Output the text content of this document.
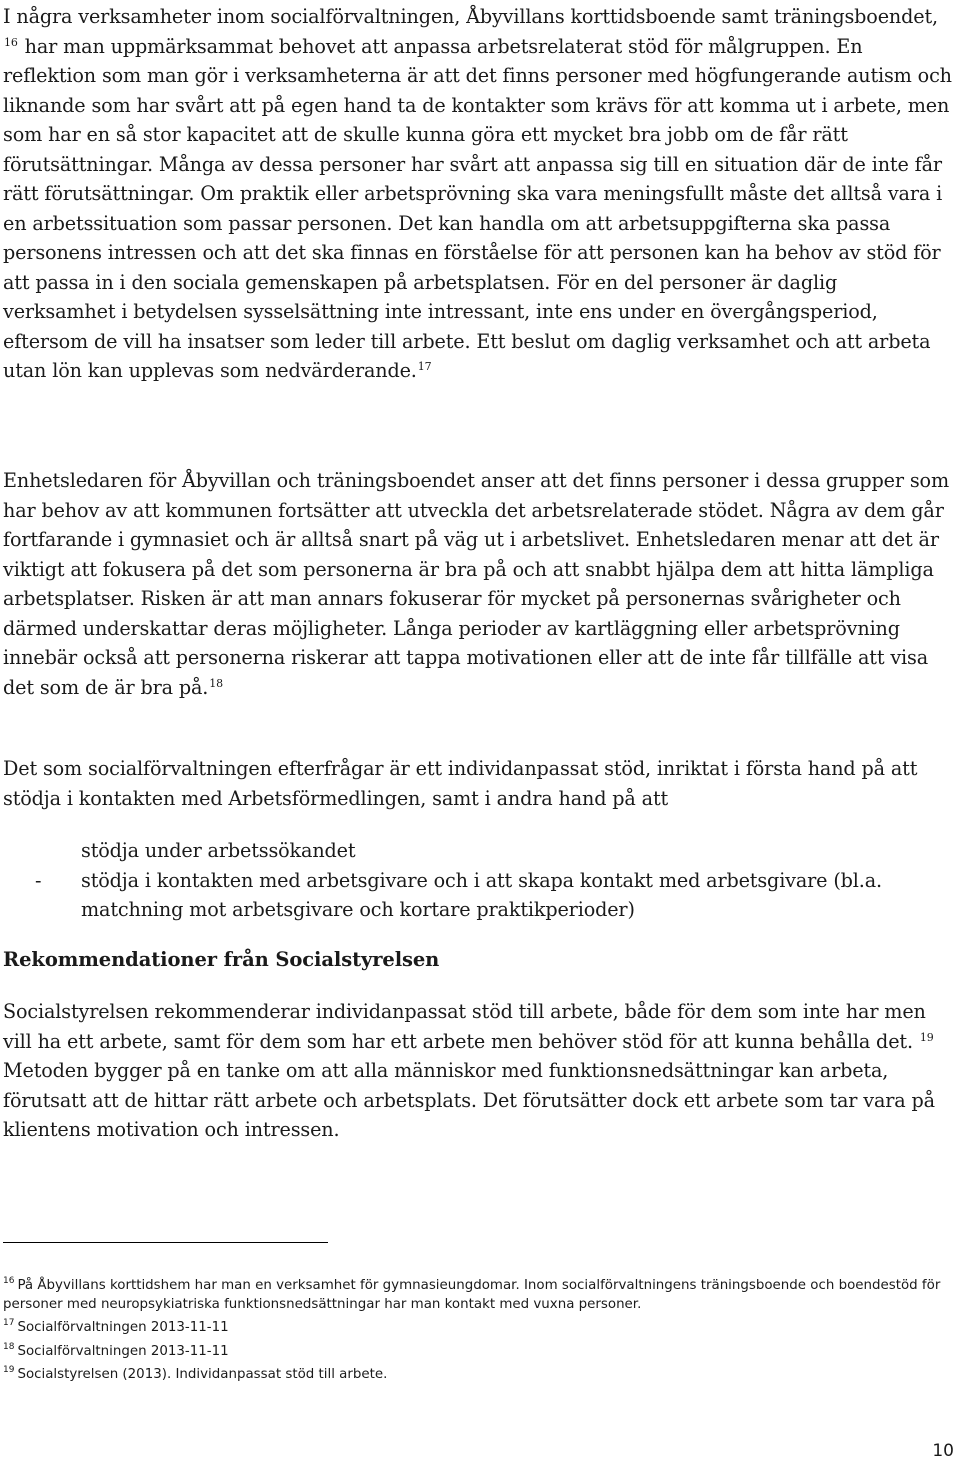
I några verksamheter inom socialförvaltningen, Åbyvillans korttidsboende samt träningsboendet, $^{16}$ har man uppmärksammat behovet att anpassa arbetsrelaterat stöd för målgruppen. En reflektion som man gör i verksamheterna är att det finns personer med högfungerande autism och liknande som har svårt att på egen hand ta de kontakter som krävs för att komma ut i arbete, men som har en så stor kapacitet att de skulle kunna göra ett mycket bra jobb om de får rätt förutsättningar. Många av dessa personer har svårt att anpassa sig till en situation där de inte får rätt förutsättningar. Om praktik eller arbetsprövning ska vara meningsfullt måste det alltså vara i en arbetssituation som passar personen. Det kan handla om att arbetsuppgifterna ska passa personens intressen och att det ska finnas en förståelse för att personen kan ha behov av stöd för att passa in i den sociala gemenskapen på arbetsplatsen. För en del personer är daglig verksamhet i betydelsen sysselsättning inte intressant, inte ens under en övergångsperiod, eftersom de vill ha insatser som leder till arbete. Ett beslut om daglig verksamhet och att arbeta utan lön kan upplevas som nedvärderande.$^{17}$

Enhetsledaren för Åbyvillan och träningsboendet anser att det finns personer i dessa grupper som har behov av att kommunen fortsätter att utveckla det arbetsrelaterade stödet. Några av dem går fortfarande i gymnasiet och är alltså snart på väg ut i arbetslivet. Enhetsledaren menar att det är viktigt att fokusera på det som personerna är bra på och att snabbt hjälpa dem att hitta lämpliga arbetsplatser. Risken är att man annars fokuserar för mycket på personernas svårigheter och därmed underskattar deras möjligheter. Långa perioder av kartläggning eller arbetsprövning innebär också att personerna riskerar att tappa motivationen eller att de inte får tillfälle att visa det som de är bra på.$^{18}$

Det som socialförvaltningen efterfrågar är ett individanpassat stöd, inriktat i första hand på att stödja i kontakten med Arbetsförmedlingen, samt i andra hand på att

stödja under arbetssökandet
- stödja i kontakten med arbetsgivare och i att skapa kontakt med arbetsgivare (bl.a. matchning mot arbetsgivare och kortare praktikperioder)
Rekommendationer från Socialstyrelsen

Socialstyrelsen rekommenderar individanpassat stöd till arbete, både för dem som inte har men vill ha ett arbete, samt för dem som har ett arbete men behöver stöd för att kunna behålla det. $^{19}$ Metoden bygger på en tanke om att alla människor med funktionsnedsättningar kan arbeta, förutsatt att de hittar rätt arbete och arbetsplats. Det förutsätter dock ett arbete som tar vara på klientens motivation och intressen.

$^{16}$ På Åbyvillans korttidshem har man en verksamhet för gymnasieungdomar. Inom socialförvaltningens träningsboende och boendestöd för personer med neuropsykiatriska funktionsnedsättningar har man kontakt med vuxna personer.

$^{17}$ Socialförvaltningen 2013-11-11

$^{18}$ Socialförvaltningen 2013-11-11

$^{19}$ Socialstyrelsen (2013). Individanpassat stöd till arbete.

10
